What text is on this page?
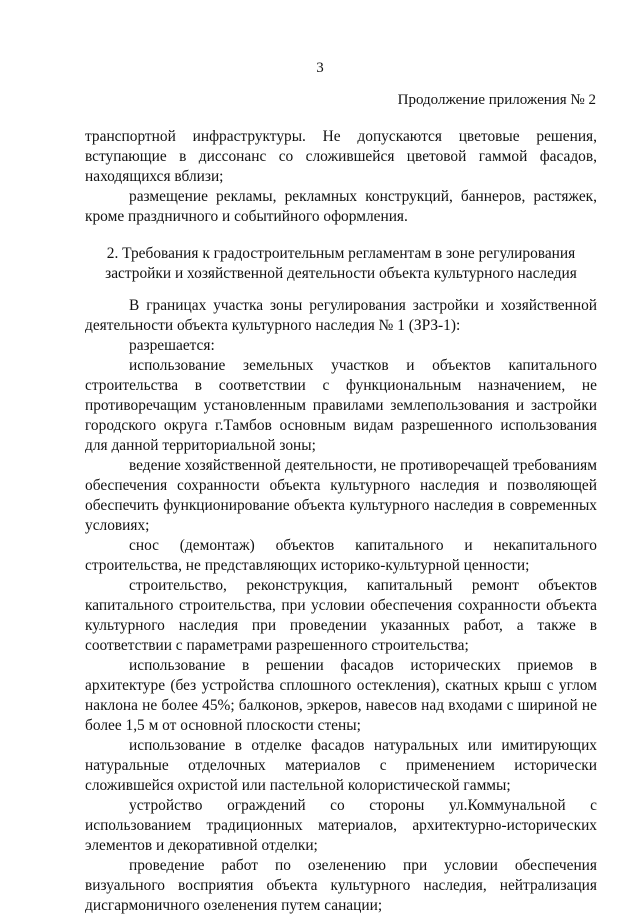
3
Продолжение приложения № 2

транспортной инфраструктуры. Не допускаются цветовые решения, вступающие в диссонанс со сложившейся цветовой гаммой фасадов, находящихся вблизи;

размещение рекламы, рекламных конструкций, баннеров, растяжек, кроме праздничного и событийного оформления.

2. Требования к градостроительным регламентам в зоне регулирования застройки и хозяйственной деятельности объекта культурного наследия

В границах участка зоны регулирования застройки и хозяйственной деятельности объекта культурного наследия № 1 (ЗРЗ-1):

разрешается:

использование земельных участков и объектов капитального строительства в соответствии с функциональным назначением, не противоречащим установленным правилами землепользования и застройки городского округа г.Тамбов основным видам разрешенного использования для данной территориальной зоны;

ведение хозяйственной деятельности, не противоречащей требованиям обеспечения сохранности объекта культурного наследия и позволяющей обеспечить функционирование объекта культурного наследия в современных условиях;

снос (демонтаж) объектов капитального и некапитального строительства, не представляющих историко-культурной ценности;

строительство, реконструкция, капитальный ремонт объектов капитального строительства, при условии обеспечения сохранности объекта культурного наследия при проведении указанных работ, а также в соответствии с параметрами разрешенного строительства;

использование в решении фасадов исторических приемов в архитектуре (без устройства сплошного остекления), скатных крыш с углом наклона не более 45%; балконов, эркеров, навесов над входами с шириной не более 1,5 м от основной плоскости стены;

использование в отделке фасадов натуральных или имитирующих натуральные отделочных материалов с применением исторически сложившейся охристой или пастельной колористической гаммы;

устройство ограждений со стороны ул.Коммунальной с использованием традиционных материалов, архитектурно-исторических элементов и декоративной отделки;

проведение работ по озеленению при условии обеспечения визуального восприятия объекта культурного наследия, нейтрализация дисгармоничного озеленения путем санации;
